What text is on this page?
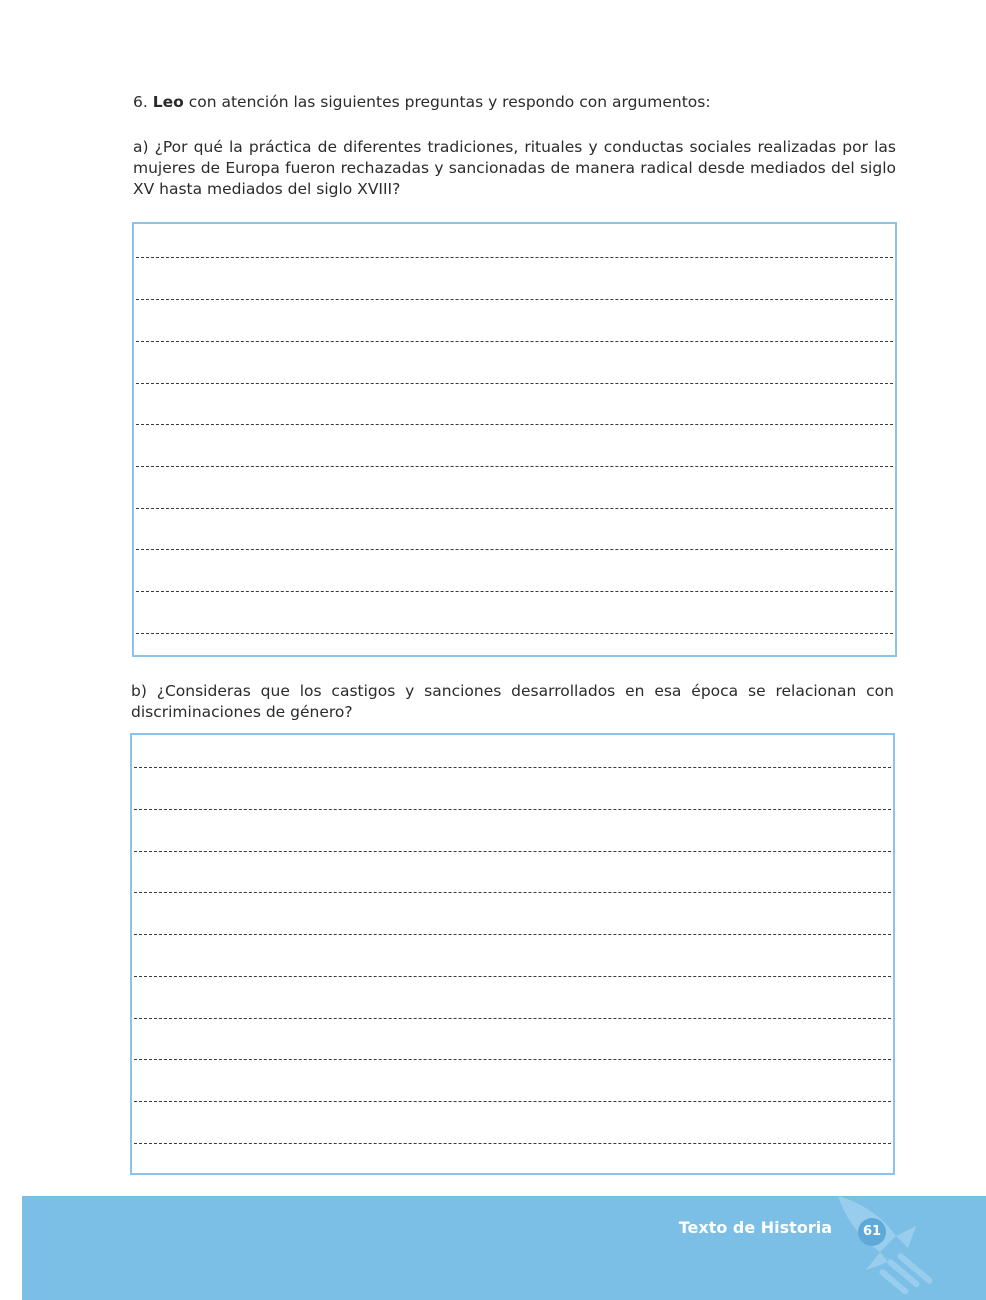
6. Leo con atención las siguientes preguntas y respondo con argumentos:
a) ¿Por qué la práctica de diferentes tradiciones, rituales y conductas sociales realizadas por las mujeres de Europa fueron rechazadas y sancionadas de manera radical desde mediados del siglo XV hasta mediados del siglo XVIII?
b) ¿Consideras que los castigos y sanciones desarrollados en esa época se relacionan con discriminaciones de género?
Texto de Historia	61
